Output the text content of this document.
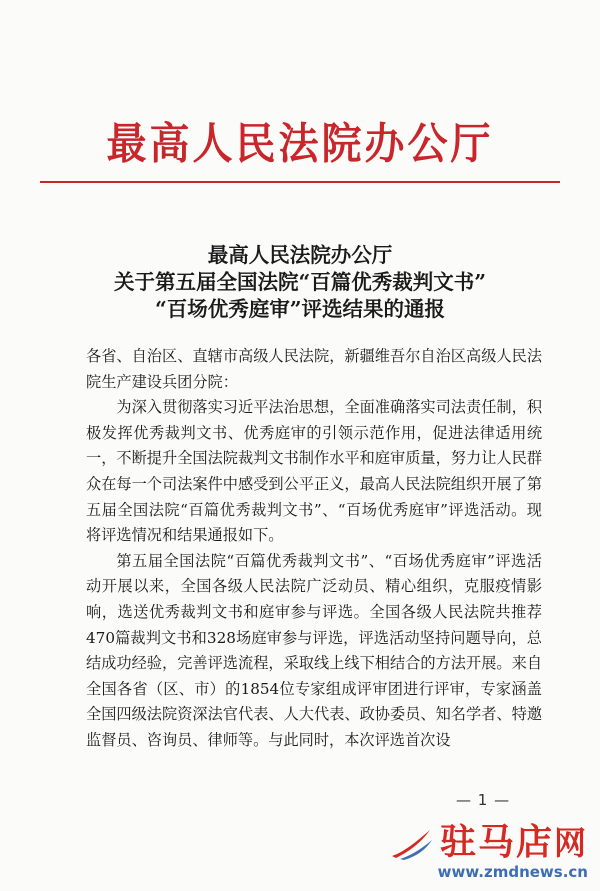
最高人民法院办公厅
最高人民法院办公厅
关于第五届全国法院“百篇优秀裁判文书”
“百场优秀庭审”评选结果的通报

各省、自治区、直辖市高级人民法院，新疆维吾尔自治区高级人民法院生产建设兵团分院：

为深入贯彻落实习近平法治思想，全面准确落实司法责任制，积极发挥优秀裁判文书、优秀庭审的引领示范作用，促进法律适用统一，不断提升全国法院裁判文书制作水平和庭审质量，努力让人民群众在每一个司法案件中感受到公平正义，最高人民法院组织开展了第五届全国法院“百篇优秀裁判文书”、“百场优秀庭审”评选活动。现将评选情况和结果通报如下。

第五届全国法院“百篇优秀裁判文书”、“百场优秀庭审”评选活动开展以来，全国各级人民法院广泛动员、精心组织，克服疫情影响，选送优秀裁判文书和庭审参与评选。全国各级人民法院共推荐470篇裁判文书和328场庭审参与评选，评选活动坚持问题导向，总结成功经验，完善评选流程，采取线上线下相结合的方法开展。来自全国各省（区、市）的1854位专家组成评审团进行评审，专家涵盖全国四级法院资深法官代表、人大代表、政协委员、知名学者、特邀监督员、咨询员、律师等。与此同时，本次评选首次设

— 1 —
驻马店网
www.zmdnews.cn
